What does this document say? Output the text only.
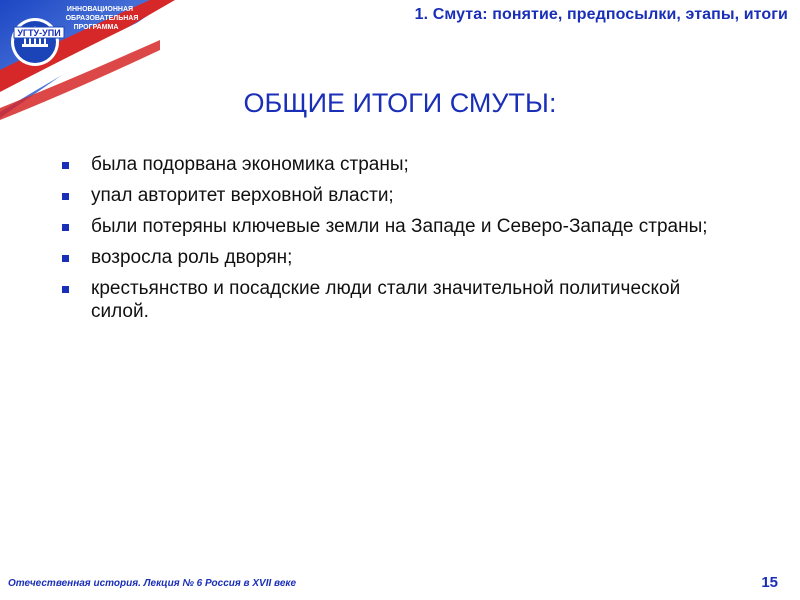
УГТУ-УПИ
ИННОВАЦИОННАЯ
ОБРАЗОВАТЕЛЬНАЯ
ПРОГРАММА
1. Смута: понятие, предпосылки, этапы, итоги
ОБЩИЕ ИТОГИ СМУТЫ:
была подорвана экономика страны;
упал авторитет верховной власти;
были потеряны ключевые земли на Западе и Северо-Западе страны;
возросла роль дворян;
крестьянство и посадские люди стали значительной политической силой.
Отечественная история. Лекция № 6 Россия в XVII веке	15
